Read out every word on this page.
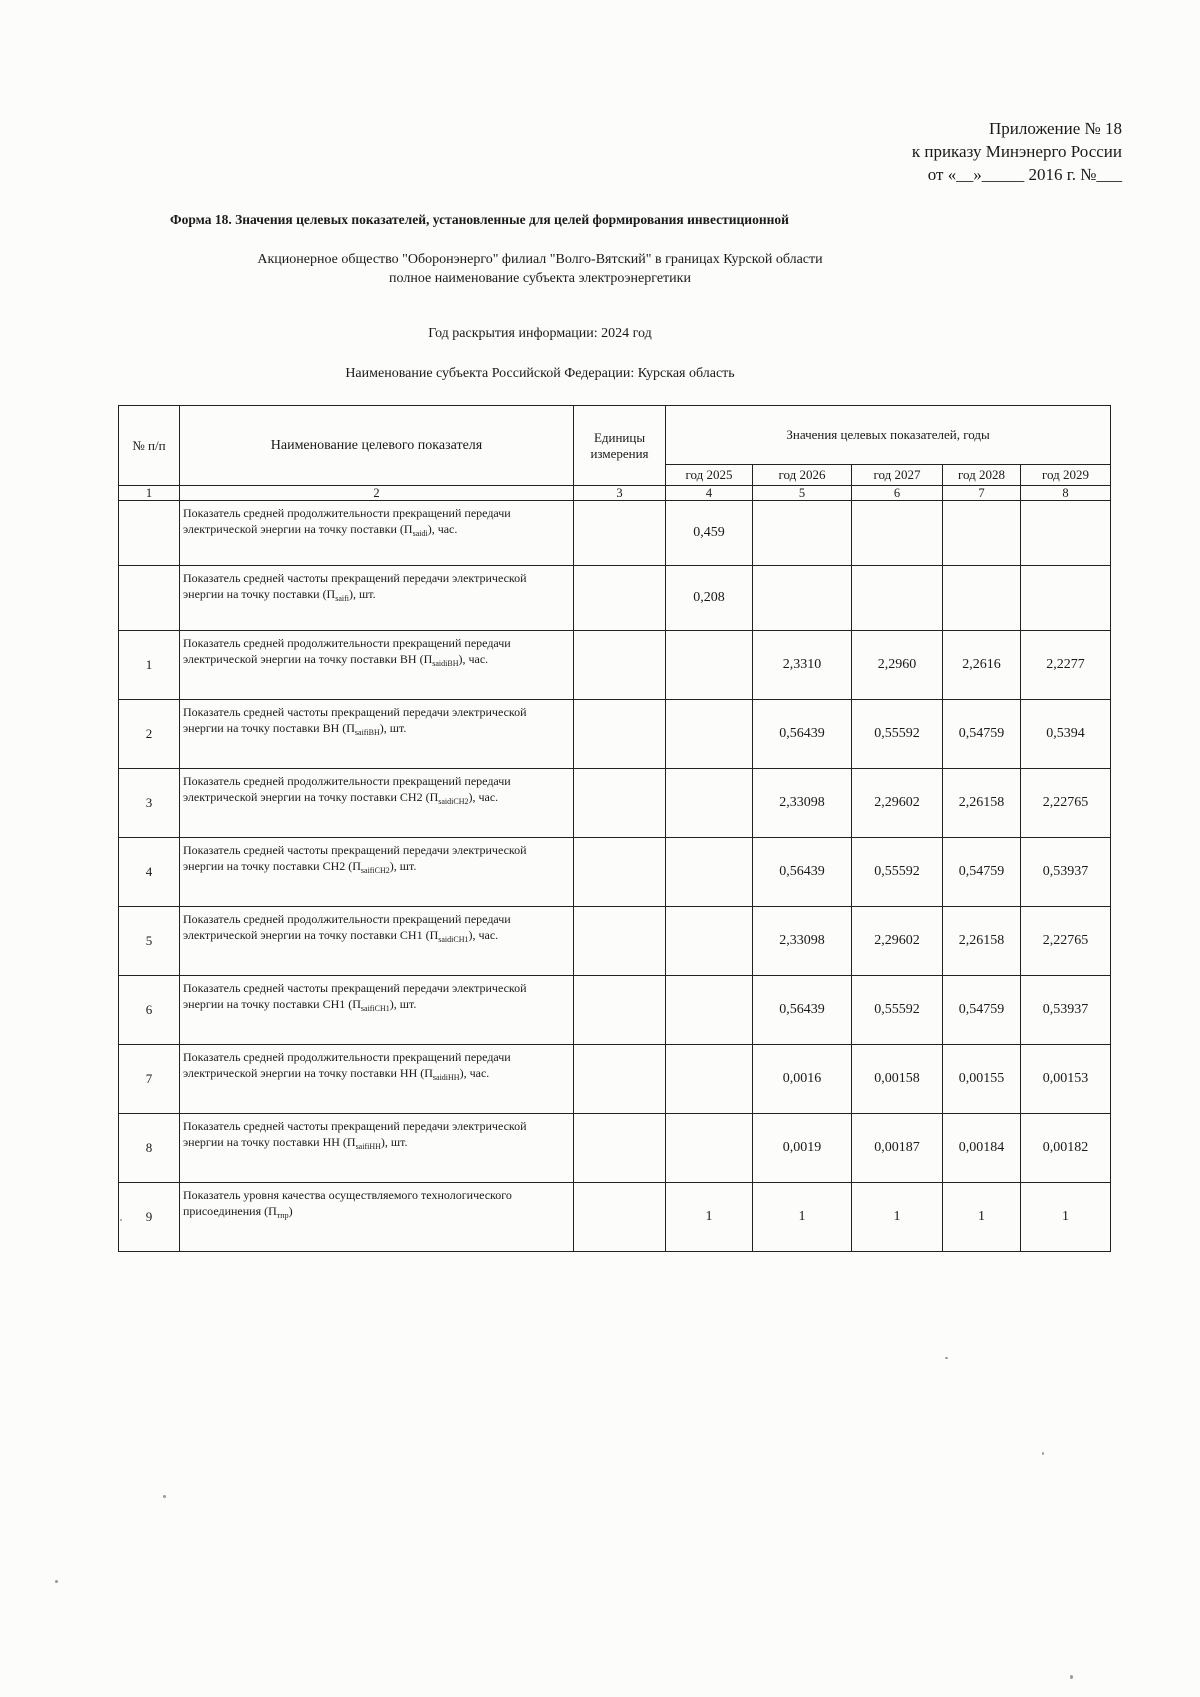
Приложение № 18
к приказу Минэнерго России
от «__»_____ 2016 г. №___
Форма 18. Значения целевых показателей, установленные для целей формирования инвестиционной
Акционерное общество "Оборонэнерго" филиал "Волго-Вятский" в границах Курской области
полное наименование субъекта электроэнергетики
Год раскрытия информации: 2024 год
Наименование субъекта Российской Федерации: Курская область
№ п/п	Наименование целевого показателя	Единицы измерения	Значения целевых показателей, годы				
			год 2025	год 2026	год 2027	год 2028	год 2029
1	2	3	4	5	6	7	8

	Показатель средней продолжительности прекращений передачи электрической энергии на точку поставки $(П_{saidi})$, час.		0,459				

	Показатель средней частоты прекращений передачи электрической энергии на точку поставки $(П_{saifi})$, шт.		0,208				
1	Показатель средней продолжительности прекращений передачи электрической энергии на точку поставки ВН $(П_{saidiВН})$, час.			2,3310	2,2960	2,2616	2,2277
2	Показатель средней частоты прекращений передачи электрической энергии на точку поставки ВН $(П_{saifiВН})$, шт.			0,56439	0,55592	0,54759	0,5394
3	Показатель средней продолжительности прекращений передачи электрической энергии на точку поставки СН2 $(П_{saidiСН2})$, час.			2,33098	2,29602	2,26158	2,22765
4	Показатель средней частоты прекращений передачи электрической энергии на точку поставки СН2 $(П_{saifiСН2})$, шт.			0,56439	0,55592	0,54759	0,53937
5	Показатель средней продолжительности прекращений передачи электрической энергии на точку поставки СН1 $(П_{saidiСН1})$, час.			2,33098	2,29602	2,26158	2,22765
6	Показатель средней частоты прекращений передачи электрической энергии на точку поставки СН1 $(П_{saifiСН1})$, шт.			0,56439	0,55592	0,54759	0,53937
7	Показатель средней продолжительности прекращений передачи электрической энергии на точку поставки НН $(П_{saidiНН})$, час.			0,0016	0,00158	0,00155	0,00153
8	Показатель средней частоты прекращений передачи электрической энергии на точку поставки НН $(П_{saifiНН})$, шт.			0,0019	0,00187	0,00184	0,00182
9	Показатель уровня качества осуществляемого технологического присоединения $(П_{тпр})$		1	1	1	1	1
